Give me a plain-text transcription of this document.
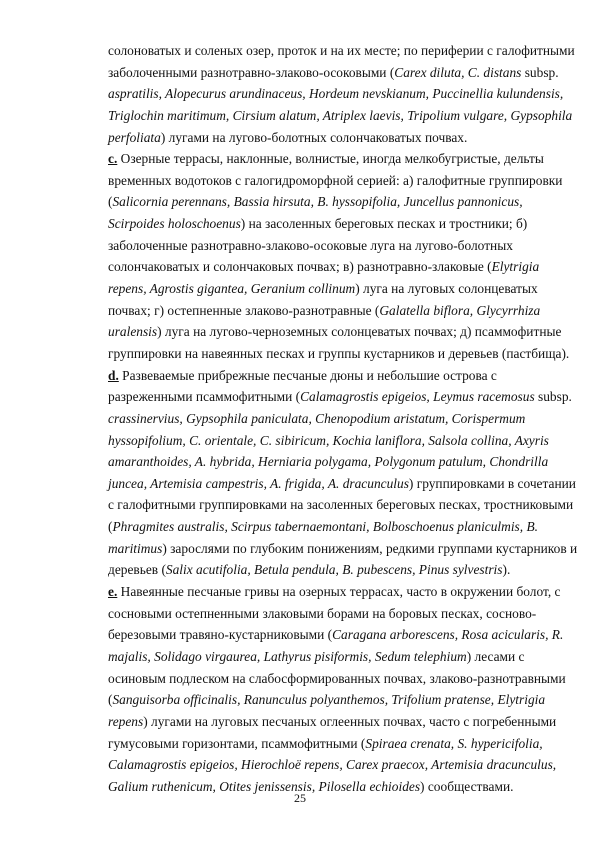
солоноватых и соленых озер, проток и на их месте; по периферии с галофитными
заболоченными разнотравно-злаково-осоковыми (Carex diluta, C. distans subsp.
aspratilis, Alopecurus arundinaceus, Hordeum nevskianum, Puccinellia kulundensis,
Triglochin maritimum, Cirsium alatum, Atriplex laevis, Tripolium vulgare, Gypsophila
perfoliata) лугами на лугово-болотных солончаковатых почвах.
c. Озерные террасы, наклонные, волнистые, иногда мелкобугристые, дельты
временных водотоков с галогидроморфной серией: а) галофитные группировки
(Salicornia perennans, Bassia hirsuta, B. hyssopifolia, Juncellus pannonicus,
Scirpoides holoschoenus) на засоленных береговых песках и тростники; б)
заболоченные разнотравно-злаково-осоковые луга на лугово-болотных
солончаковатых и солончаковых почвах; в) разнотравно-злаковые (Elytrigia
repens, Agrostis gigantea, Geranium collinum) луга на луговых солонцеватых
почвах; г) остепненные злаково-разнотравные (Galatella biflora, Glycyrrhiza
uralensis) луга на лугово-черноземных солонцеватых почвах; д) псаммофитные
группировки на навеянных песках и группы кустарников и деревьев (пастбища).
d. Развеваемые прибрежные песчаные дюны и небольшие острова с
разреженными псаммофитными (Calamagrostis epigeios, Leymus racemosus subsp.
crassinervius, Gypsophila paniculata, Chenopodium aristatum, Corispermum
hyssopifolium, C. orientale, C. sibiricum, Kochia laniflora, Salsola collina, Axyris
amaranthoides, A. hybrida, Herniaria polygama, Polygonum patulum, Chondrilla
juncea, Artemisia campestris, A. frigida, A. dracunculus) группировками в сочетании
с галофитными группировками на засоленных береговых песках, тростниковыми
(Phragmites australis, Scirpus tabernaemontani, Bolboschoenus planiculmis, B.
maritimus) зарослями по глубоким понижениям, редкими группами кустарников и
деревьев (Salix acutifolia, Betula pendula, B. pubescens, Pinus sylvestris).
e. Навеянные песчаные гривы на озерных террасах, часто в окружении болот, с
сосновыми остепненными злаковыми борами на боровых песках, сосново-
березовыми травяно-кустарниковыми (Caragana arborescens, Rosa acicularis, R.
majalis, Solidago virgaurea, Lathyrus pisiformis, Sedum telephium) лесами с
осиновым подлеском на слабосформированных почвах, злаково-разнотравными
(Sanguisorba officinalis, Ranunculus polyanthemos, Trifolium pratense, Elytrigia
repens) лугами на луговых песчаных оглеенных почвах, часто с погребенными
гумусовыми горизонтами, псаммофитными (Spiraea crenata, S. hypericifolia,
Calamagrostis epigeios, Hierochloë repens, Carex praecox, Artemisia dracunculus,
Galium ruthenicum, Otites jenissensis, Pilosella echioides) сообществами.
25
